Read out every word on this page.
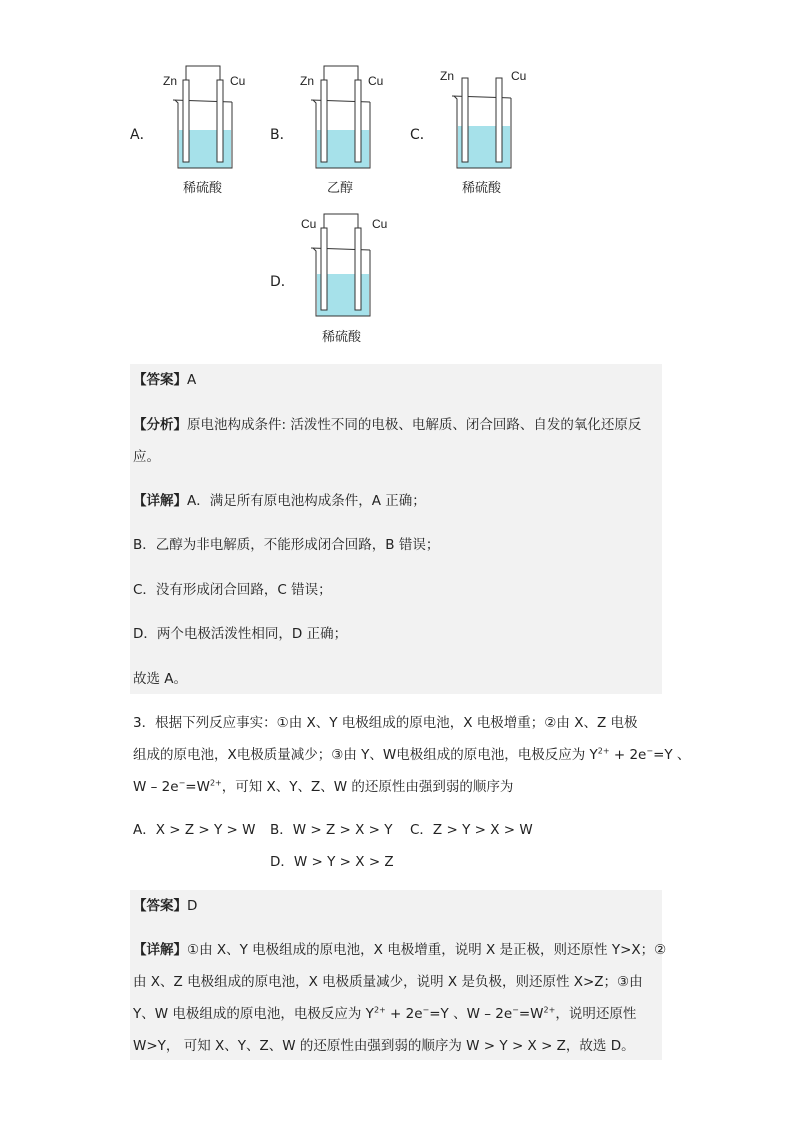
A．
Zn	Cu
稀硫酸
B．
Zn	Cu
乙醇
C．
Zn	Cu
稀硫酸
D．
Cu	Cu
稀硫酸
【答案】A
【分析】原电池构成条件: 活泼性不同的电极、电解质、闭合回路、自发的氧化还原反
应。
【详解】A．满足所有原电池构成条件，A 正确；
B．乙醇为非电解质，不能形成闭合回路，B 错误；
C．没有形成闭合回路，C 错误；
D．两个电极活泼性相同，D 正确；
故选 A。
3．根据下列反应事实：①由 X、Y 电极组成的原电池，X 电极增重；②由 X、Z 电极
组成的原电池，X电极质量减少；③由 Y、W电极组成的原电池，电极反应为 $Y^{2+} + 2e^-=Y$ 、
$W - 2e^-=W^{2+}$，可知 X、Y、Z、W 的还原性由强到弱的顺序为
A．X > Z > Y > W B．W > Z > X > Y C．Z > Y > X > W
D．W > Y > X > Z
【答案】D
【详解】①由 X、Y 电极组成的原电池，X 电极增重，说明 X 是正极，则还原性 Y>X；②
由 X、Z 电极组成的原电池，X 电极质量减少，说明 X 是负极，则还原性 X>Z；③由
Y、W 电极组成的原电池，电极反应为 $Y^{2+} + 2e^-=Y$ 、$W - 2e^-=W^{2+}$，说明还原性
W>Y， 可知 X、Y、Z、W 的还原性由强到弱的顺序为 W > Y > X > Z，故选 D。
